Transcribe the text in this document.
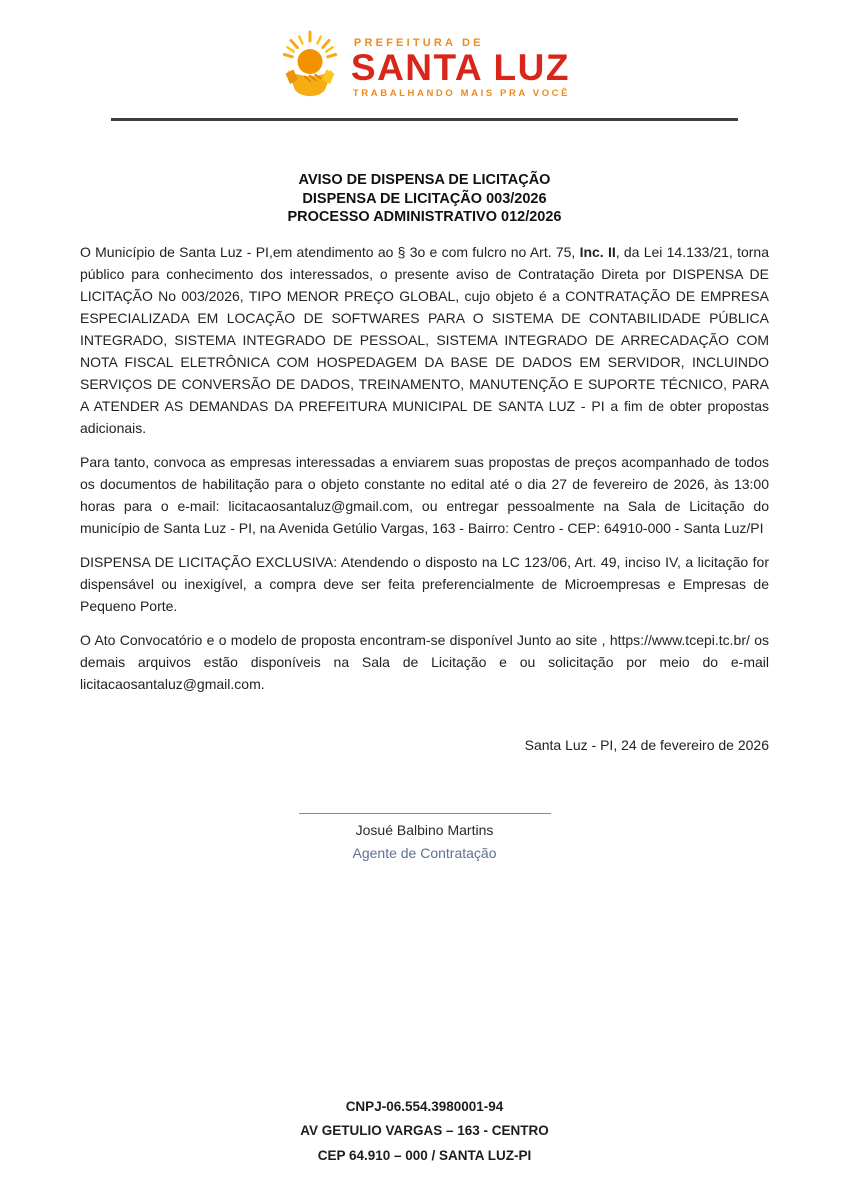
PREFEITURA DE
SANTA LUZ
TRABALHANDO MAIS PRA VOCÊ
AVISO DE DISPENSA DE LICITAÇÃO
DISPENSA DE LICITAÇÃO 003/2026
PROCESSO ADMINISTRATIVO 012/2026

O Município de Santa Luz - PI,em atendimento ao § 3o e com fulcro no Art. 75, Inc. II, da Lei 14.133/21, torna público para conhecimento dos interessados, o presente aviso de Contratação Direta por DISPENSA DE LICITAÇÃO No 003/2026, TIPO MENOR PREÇO GLOBAL, cujo objeto é a CONTRATAÇÃO DE EMPRESA ESPECIALIZADA EM LOCAÇÃO DE SOFTWARES PARA O SISTEMA DE CONTABILIDADE PÚBLICA INTEGRADO, SISTEMA INTEGRADO DE PESSOAL, SISTEMA INTEGRADO DE ARRECADAÇÃO COM NOTA FISCAL ELETRÔNICA COM HOSPEDAGEM DA BASE DE DADOS EM SERVIDOR, INCLUINDO SERVIÇOS DE CONVERSÃO DE DADOS, TREINAMENTO, MANUTENÇÃO E SUPORTE TÉCNICO, PARA A ATENDER AS DEMANDAS DA PREFEITURA MUNICIPAL DE SANTA LUZ - PI a fim de obter propostas adicionais.

Para tanto, convoca as empresas interessadas a enviarem suas propostas de preços acompanhado de todos os documentos de habilitação para o objeto constante no edital até o dia 27 de fevereiro de 2026, às 13:00 horas para o e-mail: licitacaosantaluz@gmail.com, ou entregar pessoalmente na Sala de Licitação do município de Santa Luz - PI, na Avenida Getúlio Vargas, 163 - Bairro: Centro - CEP: 64910-000 - Santa Luz/PI

DISPENSA DE LICITAÇÃO EXCLUSIVA: Atendendo o disposto na LC 123/06, Art. 49, inciso IV, a licitação for dispensável ou inexigível, a compra deve ser feita preferencialmente de Microempresas e Empresas de Pequeno Porte.

O Ato Convocatório e o modelo de proposta encontram-se disponível Junto ao site , https://www.tcepi.tc.br/ os demais arquivos estão disponíveis na Sala de Licitação e ou solicitação por meio do e-mail licitacaosantaluz@gmail.com.

Santa Luz - PI, 24 de fevereiro de 2026
Josué Balbino Martins
Agente de Contratação
CNPJ-06.554.3980001-94
AV GETULIO VARGAS – 163 - CENTRO
CEP 64.910 – 000 / SANTA LUZ-PI
